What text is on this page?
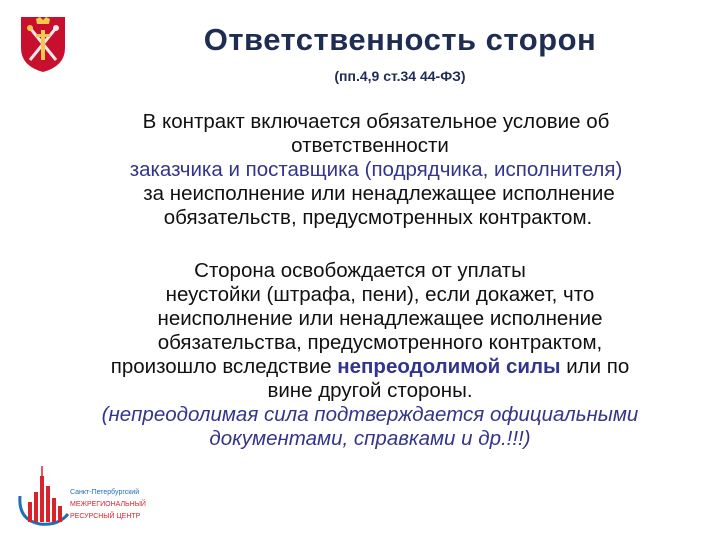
Ответственность сторон
(пп.4,9 ст.34 44-ФЗ)
В контракт включается обязательное условие об
ответственности
заказчика и поставщика (подрядчика, исполнителя)
за неисполнение или ненадлежащее исполнение
обязательств, предусмотренных контрактом.
Сторона освобождается от уплаты
неустойки (штрафа, пени), если докажет, что
неисполнение или ненадлежащее исполнение
обязательства, предусмотренного контрактом,
произошло вследствие непреодолимой силы или по
вине другой стороны.
(непреодолимая сила подтверждается официальными
документами, справками и др.!!!)
Санкт-Петербургский
МЕЖРЕГИОНАЛЬНЫЙ
РЕСУРСНЫЙ ЦЕНТР
